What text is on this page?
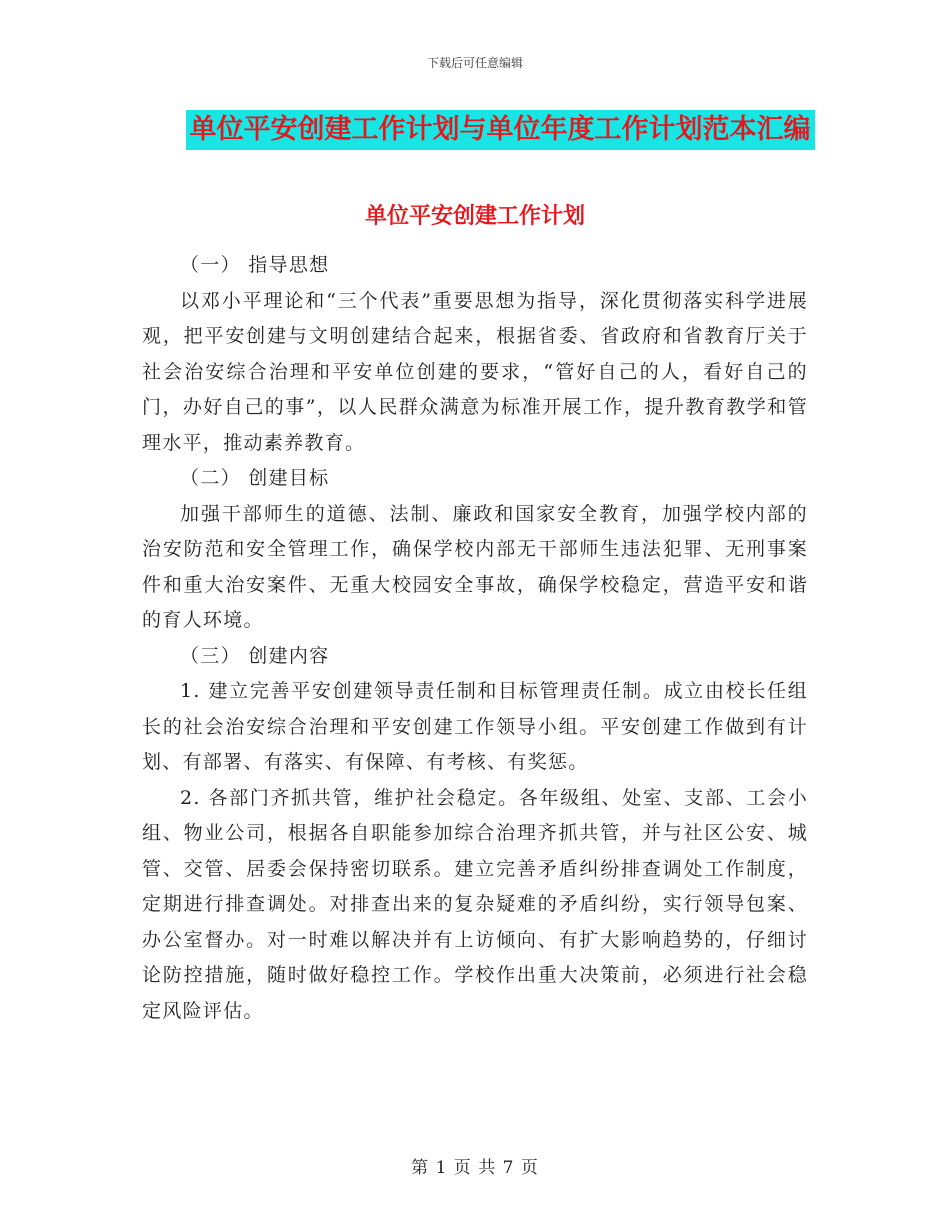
下载后可任意编辑
单位平安创建工作计划与单位年度工作计划范本汇编
单位平安创建工作计划

（一） 指导思想

以邓小平理论和“三个代表”重要思想为指导，深化贯彻落实科学进展观，把平安创建与文明创建结合起来，根据省委、省政府和省教育厅关于社会治安综合治理和平安单位创建的要求，“管好自己的人，看好自己的门，办好自己的事”，以人民群众满意为标准开展工作，提升教育教学和管理水平，推动素养教育。

（二） 创建目标

加强干部师生的道德、法制、廉政和国家安全教育，加强学校内部的治安防范和安全管理工作，确保学校内部无干部师生违法犯罪、无刑事案件和重大治安案件、无重大校园安全事故，确保学校稳定，营造平安和谐的育人环境。

（三） 创建内容

1. 建立完善平安创建领导责任制和目标管理责任制。成立由校长任组长的社会治安综合治理和平安创建工作领导小组。平安创建工作做到有计划、有部署、有落实、有保障、有考核、有奖惩。

2. 各部门齐抓共管，维护社会稳定。各年级组、处室、支部、工会小组、物业公司，根据各自职能参加综合治理齐抓共管，并与社区公安、城管、交管、居委会保持密切联系。建立完善矛盾纠纷排查调处工作制度，定期进行排查调处。对排查出来的复杂疑难的矛盾纠纷，实行领导包案、办公室督办。对一时难以解决并有上访倾向、有扩大影响趋势的，仔细讨论防控措施，随时做好稳控工作。学校作出重大决策前，必须进行社会稳定风险评估。

第 1 页 共 7 页
